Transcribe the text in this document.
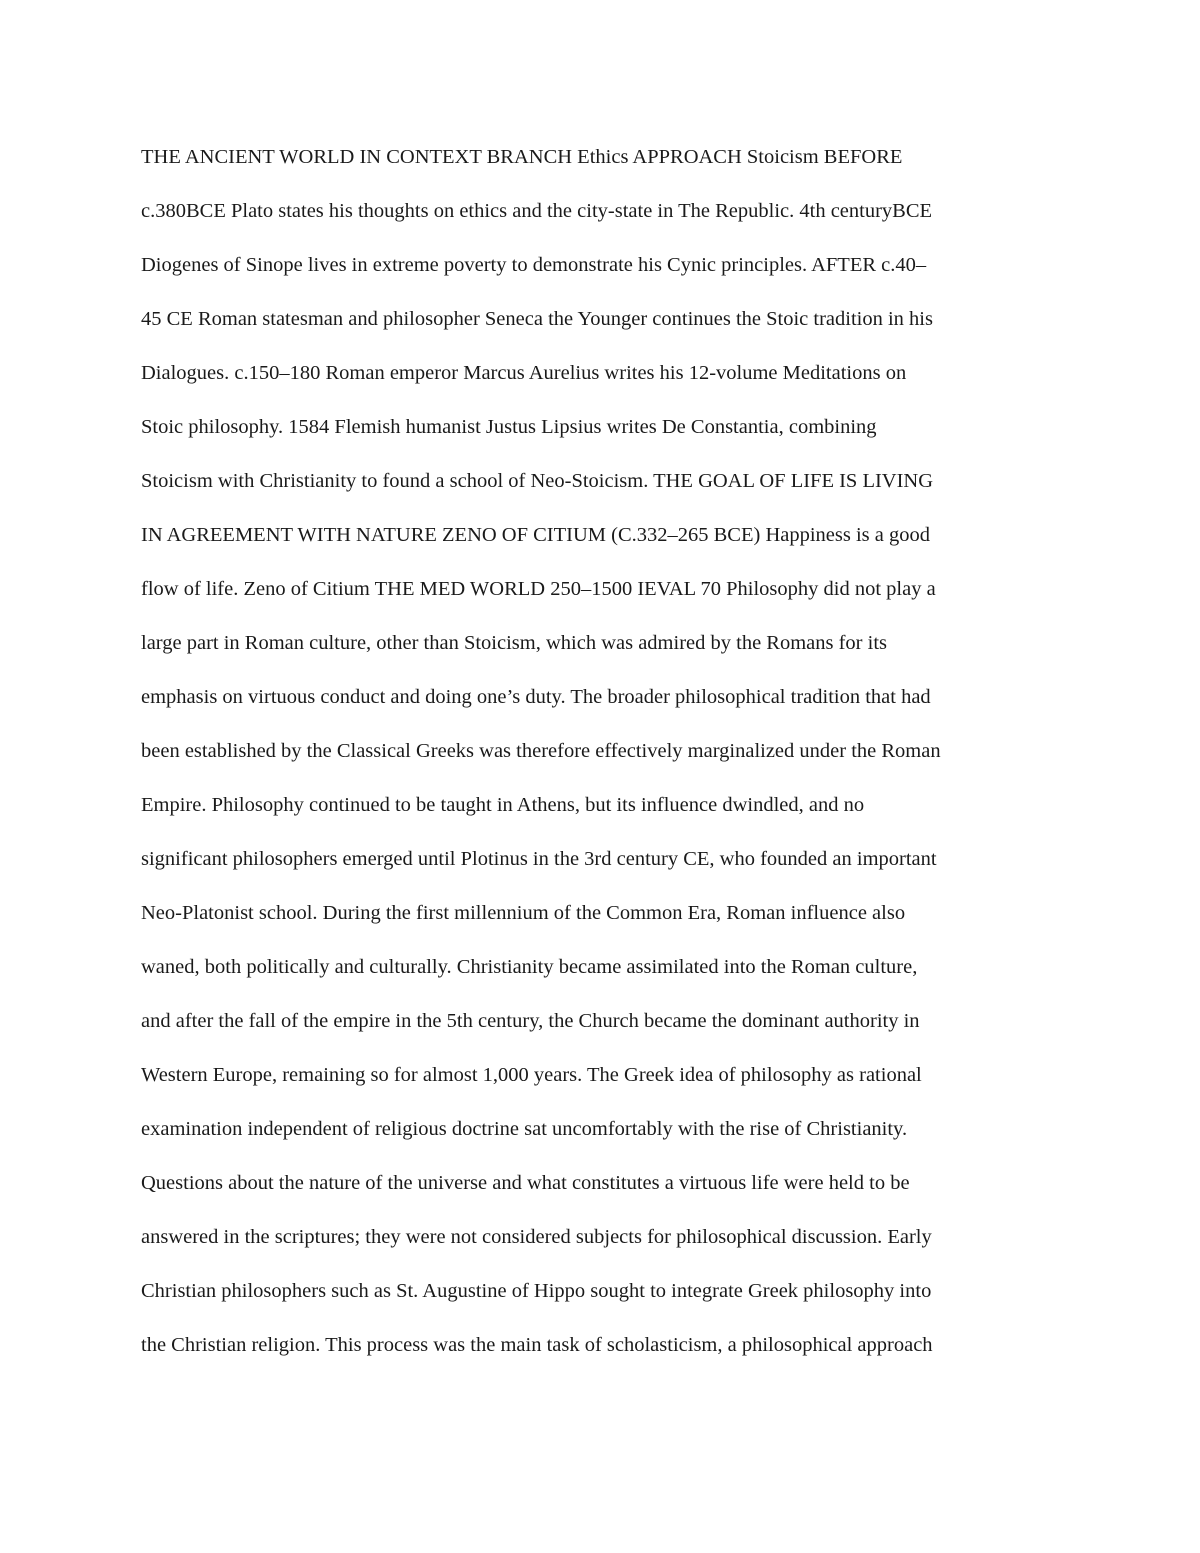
THE ANCIENT WORLD IN CONTEXT BRANCH Ethics APPROACH Stoicism BEFORE
c.380BCE Plato states his thoughts on ethics and the city-state in The Republic. 4th centuryBCE
Diogenes of Sinope lives in extreme poverty to demonstrate his Cynic principles. AFTER c.40–
45 CE Roman statesman and philosopher Seneca the Younger continues the Stoic tradition in his
Dialogues. c.150–180 Roman emperor Marcus Aurelius writes his 12-volume Meditations on
Stoic philosophy. 1584 Flemish humanist Justus Lipsius writes De Constantia, combining
Stoicism with Christianity to found a school of Neo-Stoicism. THE GOAL OF LIFE IS LIVING
IN AGREEMENT WITH NATURE ZENO OF CITIUM (C.332–265 BCE) Happiness is a good
flow of life. Zeno of Citium THE MED WORLD 250–1500 IEVAL 70 Philosophy did not play a
large part in Roman culture, other than Stoicism, which was admired by the Romans for its
emphasis on virtuous conduct and doing one’s duty. The broader philosophical tradition that had
been established by the Classical Greeks was therefore effectively marginalized under the Roman
Empire. Philosophy continued to be taught in Athens, but its influence dwindled, and no
significant philosophers emerged until Plotinus in the 3rd century CE, who founded an important
Neo-Platonist school. During the first millennium of the Common Era, Roman influence also
waned, both politically and culturally. Christianity became assimilated into the Roman culture,
and after the fall of the empire in the 5th century, the Church became the dominant authority in
Western Europe, remaining so for almost 1,000 years. The Greek idea of philosophy as rational
examination independent of religious doctrine sat uncomfortably with the rise of Christianity.
Questions about the nature of the universe and what constitutes a virtuous life were held to be
answered in the scriptures; they were not considered subjects for philosophical discussion. Early
Christian philosophers such as St. Augustine of Hippo sought to integrate Greek philosophy into
the Christian religion. This process was the main task of scholasticism, a philosophical approach
